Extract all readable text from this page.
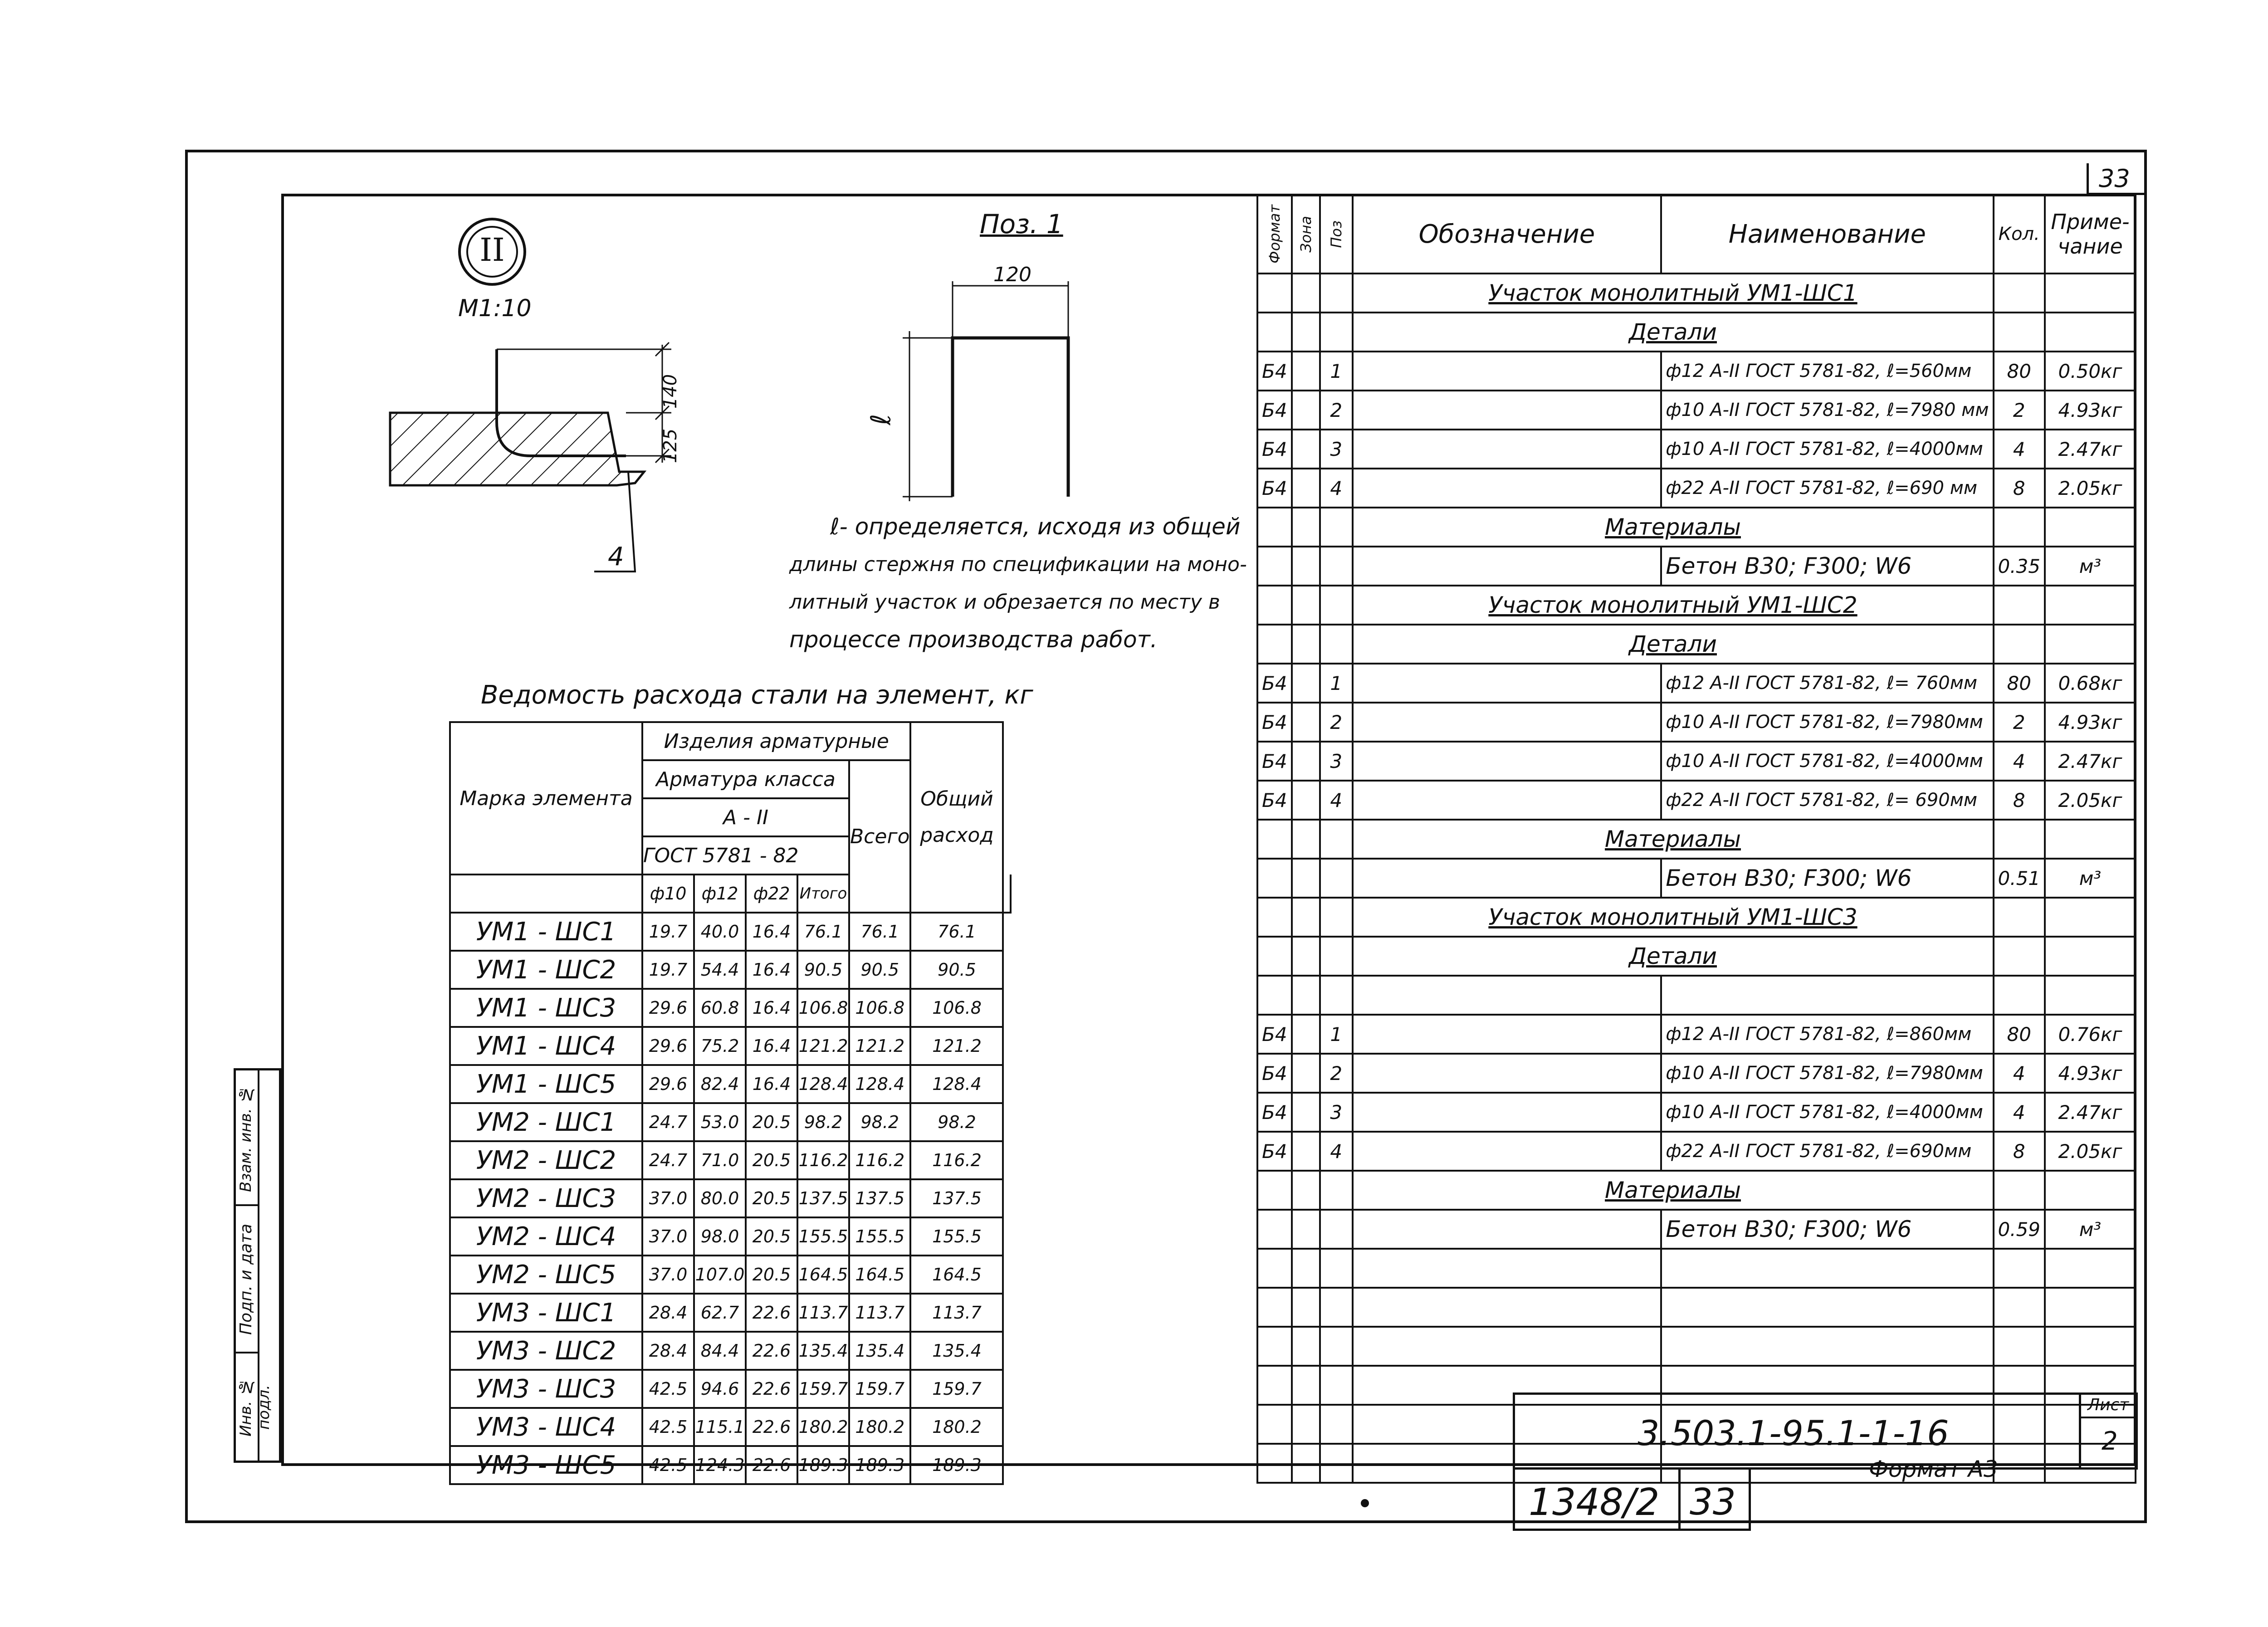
33
Инв. № подл.
Подп. и дата
Взам. инв. №
II
М1:10
140
125
4
Поз. 1
120
ℓ
ℓ- определяется, исходя из общей
длины стержня по спецификации на моно-
литный участок и обрезается по месту в
процессе производства работ.
Ведомость расхода стали на элемент, кг
Марка элемента	Изделия арматурные					Общий расход	
	Арматура класса				Всего		
	А - II						
	ГОСТ 5781 - 82						
	ф10	ф12	ф22	Итого			
УМ1 - ШС1	19.7	40.0	16.4	76.1	76.1	76.1	
УМ1 - ШС2	19.7	54.4	16.4	90.5	90.5	90.5	
УМ1 - ШС3	29.6	60.8	16.4	106.8	106.8	106.8	
УМ1 - ШС4	29.6	75.2	16.4	121.2	121.2	121.2	
УМ1 - ШС5	29.6	82.4	16.4	128.4	128.4	128.4	
УМ2 - ШС1	24.7	53.0	20.5	98.2	98.2	98.2	
УМ2 - ШС2	24.7	71.0	20.5	116.2	116.2	116.2	
УМ2 - ШС3	37.0	80.0	20.5	137.5	137.5	137.5	
УМ2 - ШС4	37.0	98.0	20.5	155.5	155.5	155.5	
УМ2 - ШС5	37.0	107.0	20.5	164.5	164.5	164.5	
УМ3 - ШС1	28.4	62.7	22.6	113.7	113.7	113.7	
УМ3 - ШС2	28.4	84.4	22.6	135.4	135.4	135.4	
УМ3 - ШС3	42.5	94.6	22.6	159.7	159.7	159.7	
УМ3 - ШС4	42.5	115.1	22.6	180.2	180.2	180.2	
УМ3 - ШС5	42.5	124.3	22.6	189.3	189.3	189.3	
Формат	Зона	Поз	Обозначение	Наименование	Кол.	Приме-чание
			Участок монолитный УМ1-ШС1			
			Детали			
Б4		1		ф12 А-II ГОСТ 5781-82, ℓ=560мм	80	0.50кг
Б4		2		ф10 А-II ГОСТ 5781-82, ℓ=7980 мм	2	4.93кг
Б4		3		ф10 А-II ГОСТ 5781-82, ℓ=4000мм	4	2.47кг
Б4		4		ф22 А-II ГОСТ 5781-82, ℓ=690 мм	8	2.05кг
			Материалы			
				Бетон В30; F300; W6	0.35	м³
			Участок монолитный УМ1-ШС2			
			Детали			
Б4		1		ф12 А-II ГОСТ 5781-82, ℓ= 760мм	80	0.68кг
Б4		2		ф10 А-II ГОСТ 5781-82, ℓ=7980мм	2	4.93кг
Б4		3		ф10 А-II ГОСТ 5781-82, ℓ=4000мм	4	2.47кг
Б4		4		ф22 А-II ГОСТ 5781-82, ℓ= 690мм	8	2.05кг
			Материалы			
				Бетон В30; F300; W6	0.51	м³
			Участок монолитный УМ1-ШС3			
			Детали			

Б4		1		ф12 А-II ГОСТ 5781-82, ℓ=860мм	80	0.76кг
Б4		2		ф10 А-II ГОСТ 5781-82, ℓ=7980мм	4	4.93кг
Б4		3		ф10 А-II ГОСТ 5781-82, ℓ=4000мм	4	2.47кг
Б4		4		ф22 А-II ГОСТ 5781-82, ℓ=690мм	8	2.05кг
			Материалы			
				Бетон В30; F300; W6	0.59	м³

3.503.1-95.1-1-16			Лист
2

1348/2	33	Формат А3	
